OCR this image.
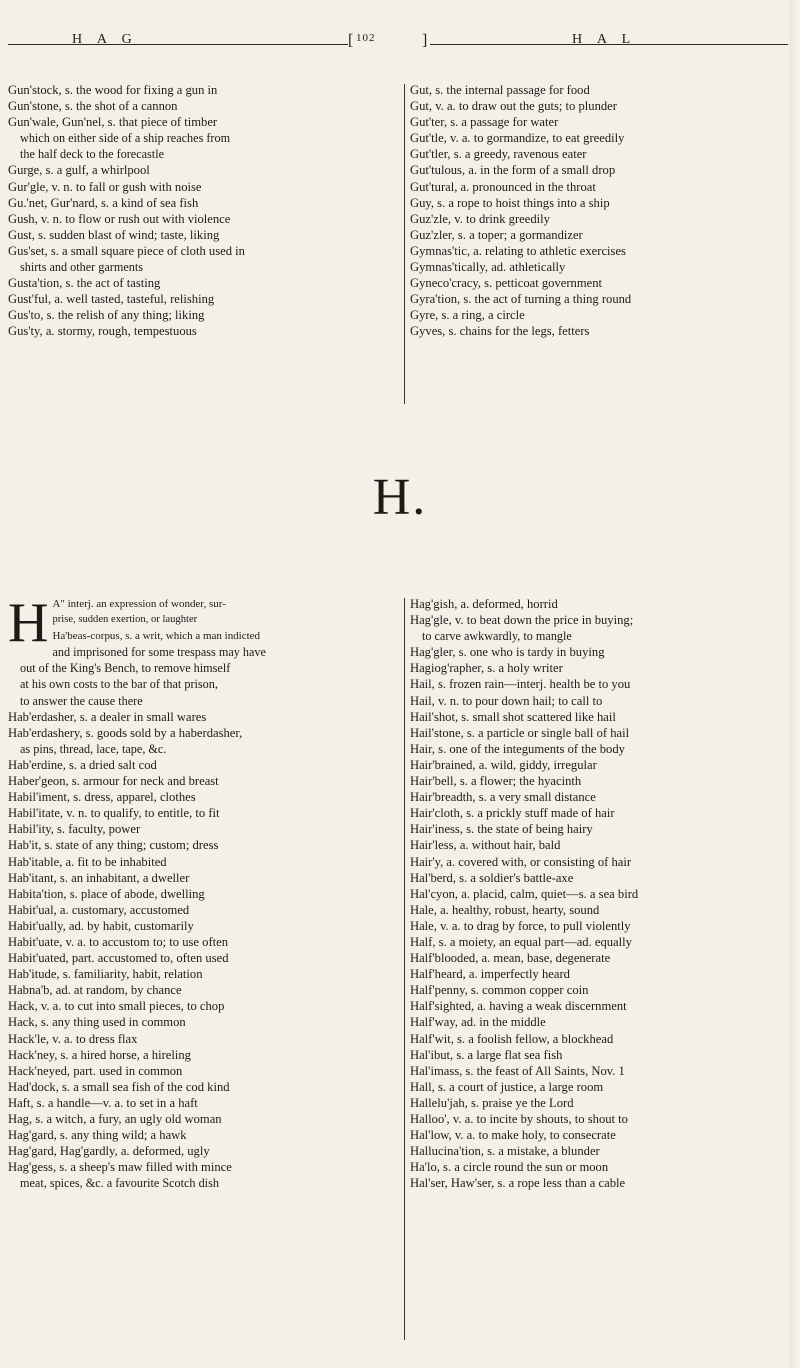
H A G	[
102	]	H A L
Gun'stock, s. the wood for fixing a gun in
Gun'stone, s. the shot of a cannon
Gun'wale, Gun'nel, s. that piece of timber
which on either side of a ship reaches from
the half deck to the forecastle
Gurge, s. a gulf, a whirlpool
Gur'gle, v. n. to fall or gush with noise
Gu.'net, Gur'nard, s. a kind of sea fish
Gush, v. n. to flow or rush out with violence
Gust, s. sudden blast of wind; taste, liking
Gus'set, s. a small square piece of cloth used in
shirts and other garments
Gusta'tion, s. the act of tasting
Gust'ful, a. well tasted, tasteful, relishing
Gus'to, s. the relish of any thing; liking
Gus'ty, a. stormy, rough, tempestuous
Gut, s. the internal passage for food
Gut, v. a. to draw out the guts; to plunder
Gut'ter, s. a passage for water
Gut'tle, v. a. to gormandize, to eat greedily
Gut'tler, s. a greedy, ravenous eater
Gut'tulous, a. in the form of a small drop
Gut'tural, a. pronounced in the throat
Guy, s. a rope to hoist things into a ship
Guz'zle, v. to drink greedily
Guz'zler, s. a toper; a gormandizer
Gymnas'tic, a. relating to athletic exercises
Gymnas'tically, ad. athletically
Gyneco'cracy, s. petticoat government
Gyra'tion, s. the act of turning a thing round
Gyre, s. a ring, a circle
Gyves, s. chains for the legs, fetters
H.
H A" interj. an expression of wonder, sur-
prise, sudden exertion, or laughter
Ha'beas-corpus, s. a writ, which a man indicted
and imprisoned for some trespass may have
out of the King's Bench, to remove himself
at his own costs to the bar of that prison,
to answer the cause there
Hab'erdasher, s. a dealer in small wares
Hab'erdashery, s. goods sold by a haberdasher,
as pins, thread, lace, tape, &c.
Hab'erdine, s. a dried salt cod
Haber'geon, s. armour for neck and breast
Habil'iment, s. dress, apparel, clothes
Habil'itate, v. n. to qualify, to entitle, to fit
Habil'ity, s. faculty, power
Hab'it, s. state of any thing; custom; dress
Hab'itable, a. fit to be inhabited
Hab'itant, s. an inhabitant, a dweller
Habita'tion, s. place of abode, dwelling
Habit'ual, a. customary, accustomed
Habit'ually, ad. by habit, customarily
Habit'uate, v. a. to accustom to; to use often
Habit'uated, part. accustomed to, often used
Hab'itude, s. familiarity, habit, relation
Habna'b, ad. at random, by chance
Hack, v. a. to cut into small pieces, to chop
Hack, s. any thing used in common
Hack'le, v. a. to dress flax
Hack'ney, s. a hired horse, a hireling
Hack'neyed, part. used in common
Had'dock, s. a small sea fish of the cod kind
Haft, s. a handle—v. a. to set in a haft
Hag, s. a witch, a fury, an ugly old woman
Hag'gard, s. any thing wild; a hawk
Hag'gard, Hag'gardly, a. deformed, ugly
Hag'gess, s. a sheep's maw filled with mince
meat, spices, &c. a favourite Scotch dish
Hag'gish, a. deformed, horrid
Hag'gle, v. to beat down the price in buying;
to carve awkwardly, to mangle
Hag'gler, s. one who is tardy in buying
Hagiog'rapher, s. a holy writer
Hail, s. frozen rain—interj. health be to you
Hail, v. n. to pour down hail; to call to
Hail'shot, s. small shot scattered like hail
Hail'stone, s. a particle or single ball of hail
Hair, s. one of the integuments of the body
Hair'brained, a. wild, giddy, irregular
Hair'bell, s. a flower; the hyacinth
Hair'breadth, s. a very small distance
Hair'cloth, s. a prickly stuff made of hair
Hair'iness, s. the state of being hairy
Hair'less, a. without hair, bald
Hair'y, a. covered with, or consisting of hair
Hal'berd, s. a soldier's battle-axe
Hal'cyon, a. placid, calm, quiet—s. a sea bird
Hale, a. healthy, robust, hearty, sound
Hale, v. a. to drag by force, to pull violently
Half, s. a moiety, an equal part—ad. equally
Half'blooded, a. mean, base, degenerate
Half'heard, a. imperfectly heard
Half'penny, s. common copper coin
Half'sighted, a. having a weak discernment
Half'way, ad. in the middle
Half'wit, s. a foolish fellow, a blockhead
Hal'ibut, s. a large flat sea fish
Hal'imass, s. the feast of All Saints, Nov. 1
Hall, s. a court of justice, a large room
Hallelu'jah, s. praise ye the Lord
Halloo', v. a. to incite by shouts, to shout to
Hal'low, v. a. to make holy, to consecrate
Hallucina'tion, s. a mistake, a blunder
Ha'lo, s. a circle round the sun or moon
Hal'ser, Haw'ser, s. a rope less than a cable
